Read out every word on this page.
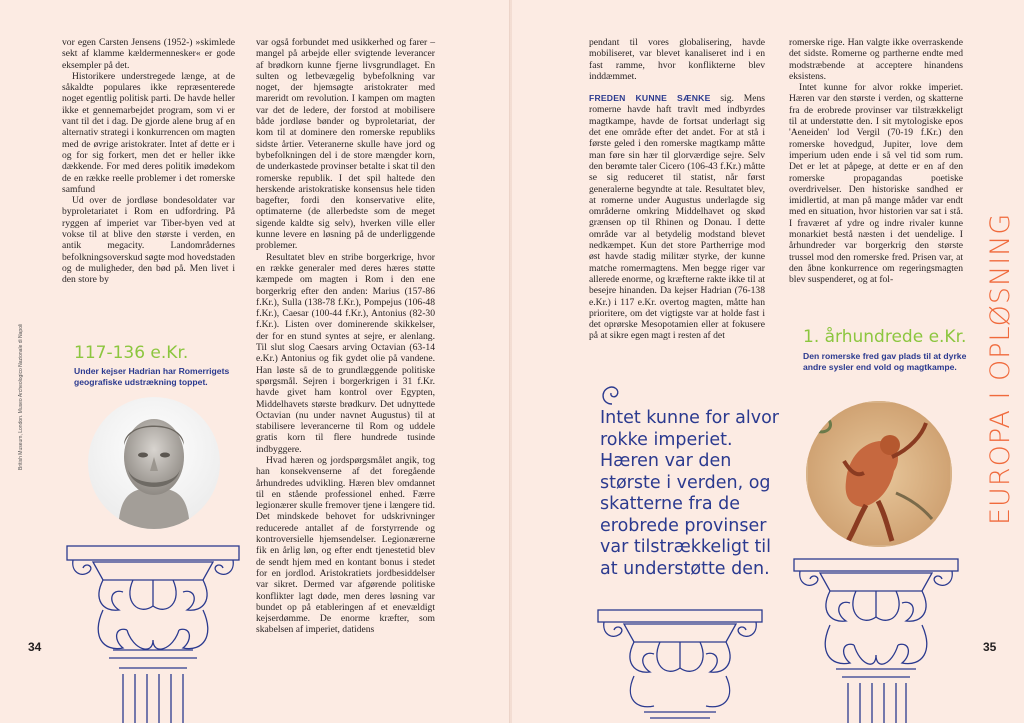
vor egen Carsten Jensens (1952-) »skimlede sekt af klamme kældermennesker« er gode eksempler på det.

Historikere understregede længe, at de såkaldte populares ikke repræsenterede noget egentlig politisk parti. De havde heller ikke et gennemarbejdet program, som vi er vant til det i dag. De gjorde alene brug af en alternativ strategi i konkurrencen om magten med de øvrige aristokrater. Intet af dette er i og for sig forkert, men det er heller ikke dækkende. For med deres politik imødekom de en række reelle problemer i det romerske samfund

Ud over de jordløse bondesoldater var byproletariatet i Rom en udfordring. På ryggen af imperiet var Tiber-byen ved at vokse til at blive den største i verden, en antik megacity. Landområdernes befolkningsoverskud søgte mod hovedstaden og de muligheder, den bød på. Men livet i den store by

var også forbundet med usikkerhed og farer – mangel på arbejde eller svigtende leverancer af brødkorn kunne fjerne livsgrundlaget. En sulten og letbevægelig bybefolkning var noget, der hjemsøgte aristokrater med mareridt om revolution. I kampen om magten var det de ledere, der forstod at mobilisere både jordløse bønder og byproletariat, der kom til at dominere den romerske republiks sidste årtier. Veteranerne skulle have jord og bybefolkningen del i de store mængder korn, de underkastede provinser betalte i skat til den romerske republik. I det spil haltede den herskende aristokratiske konsensus hele tiden bagefter, fordi den konservative elite, optimaterne (de allerbedste som de meget sigende kaldte sig selv), hverken ville eller kunne levere en løsning på de underliggende problemer.

Resultatet blev en stribe borgerkrige, hvor en række generaler med deres hæres støtte kæmpede om magten i Rom i den ene borgerkrig efter den anden: Marius (157-86 f.Kr.), Sulla (138-78 f.Kr.), Pompejus (106-48 f.Kr.), Caesar (100-44 f.Kr.), Antonius (82-30 f.Kr.). Listen over dominerende skikkelser, der for en stund syntes at sejre, er alenlang. Til slut slog Caesars arving Octavian (63-14 e.Kr.) Antonius og fik gydet olie på vandene. Han løste så de to grundlæggende politiske spørgsmål. Sejren i borgerkrigen i 31 f.Kr. havde givet ham kontrol over Egypten, Middelhavets største brødkurv. Det udnyttede Octavian (nu under navnet Augustus) til at stabilisere leverancerne til Rom og uddele gratis korn til flere hundrede tusinde indbyggere.

Hvad hæren og jordspørgsmålet angik, tog han konsekvenserne af det foregående århundredes udvikling. Hæren blev omdannet til en stående professionel enhed. Færre legionærer skulle fremover tjene i længere tid. Det mindskede behovet for udskrivninger reducerede antallet af de forstyrrende og kontroversielle hjemsendelser. Legionærerne fik en årlig løn, og efter endt tjenestetid blev de sendt hjem med en kontant bonus i stedet for en jordlod. Aristokratiets jordbesiddelser var sikret. Dermed var afgørende politiske konflikter lagt døde, men deres løsning var bundet op på etableringen af et enevældigt kejserdømme. De enorme kræfter, som skabelsen af imperiet, datidens

117-136 e.Kr.
Under kejser Hadrian har Romerrigets geografiske udstrækning toppet.
British Museum, London. Museo Archeologico Nazionale di Napoli
34

pendant til vores globalisering, havde mobiliseret, var blevet kanaliseret ind i en fast ramme, hvor konflikterne blev inddæmmet.

FREDEN KUNNE SÆNKE sig. Mens romerne havde haft travlt med indbyrdes magtkampe, havde de fortsat underlagt sig det ene område efter det andet. For at stå i første geled i den romerske magtkamp måtte man føre sin hær til glorværdige sejre. Selv den berømte taler Cicero (106-43 f.Kr.) måtte se sig reduceret til statist, når først generalerne begyndte at tale. Resultatet blev, at romerne under Augustus underlagde sig områderne omkring Middelhavet og skød grænsen op til Rhinen og Donau. I dette område var al betydelig modstand blevet nedkæmpet. Kun det store Partherrige mod øst havde stadig militær styrke, der kunne matche romermagtens. Men begge riger var allerede enorme, og kræfterne rakte ikke til at besejre hinanden. Da kejser Hadrian (76-138 e.Kr.) i 117 e.Kr. overtog magten, måtte han prioritere, om det vigtigste var at holde fast i det oprørske Mesopotamien eller at fokusere på at sikre egen magt i resten af det

romerske rige. Han valgte ikke overraskende det sidste. Romerne og partherne endte med modstræbende at acceptere hinandens eksistens.

Intet kunne for alvor rokke imperiet. Hæren var den største i verden, og skatterne fra de erobrede provinser var tilstrækkeligt til at understøtte den. I sit mytologiske epos 'Aeneiden' lod Vergil (70-19 f.Kr.) den romerske hovedgud, Jupiter, love dem imperium uden ende i så vel tid som rum. Det er let at påpege, at dette er en af den romerske propagandas poetiske overdrivelser. Den historiske sandhed er imidlertid, at man på mange måder var endt med en situation, hvor historien var sat i stå. I fraværet af ydre og indre rivaler kunne monarkiet bestå næsten i det uendelige. I århundreder var borgerkrig den største trussel mod den romerske fred. Prisen var, at den åbne konkurrence om regeringsmagten blev suspenderet, og at fol-

Intet kunne for alvor rokke imperiet. Hæren var den største i verden, og skatterne fra de erobrede provinser var tilstrækkeligt til at understøtte den.
1. århundrede e.Kr.
Den romerske fred gav plads til at dyrke andre sysler end vold og magtkampe.	EUROPA I OPLØSNING
35
